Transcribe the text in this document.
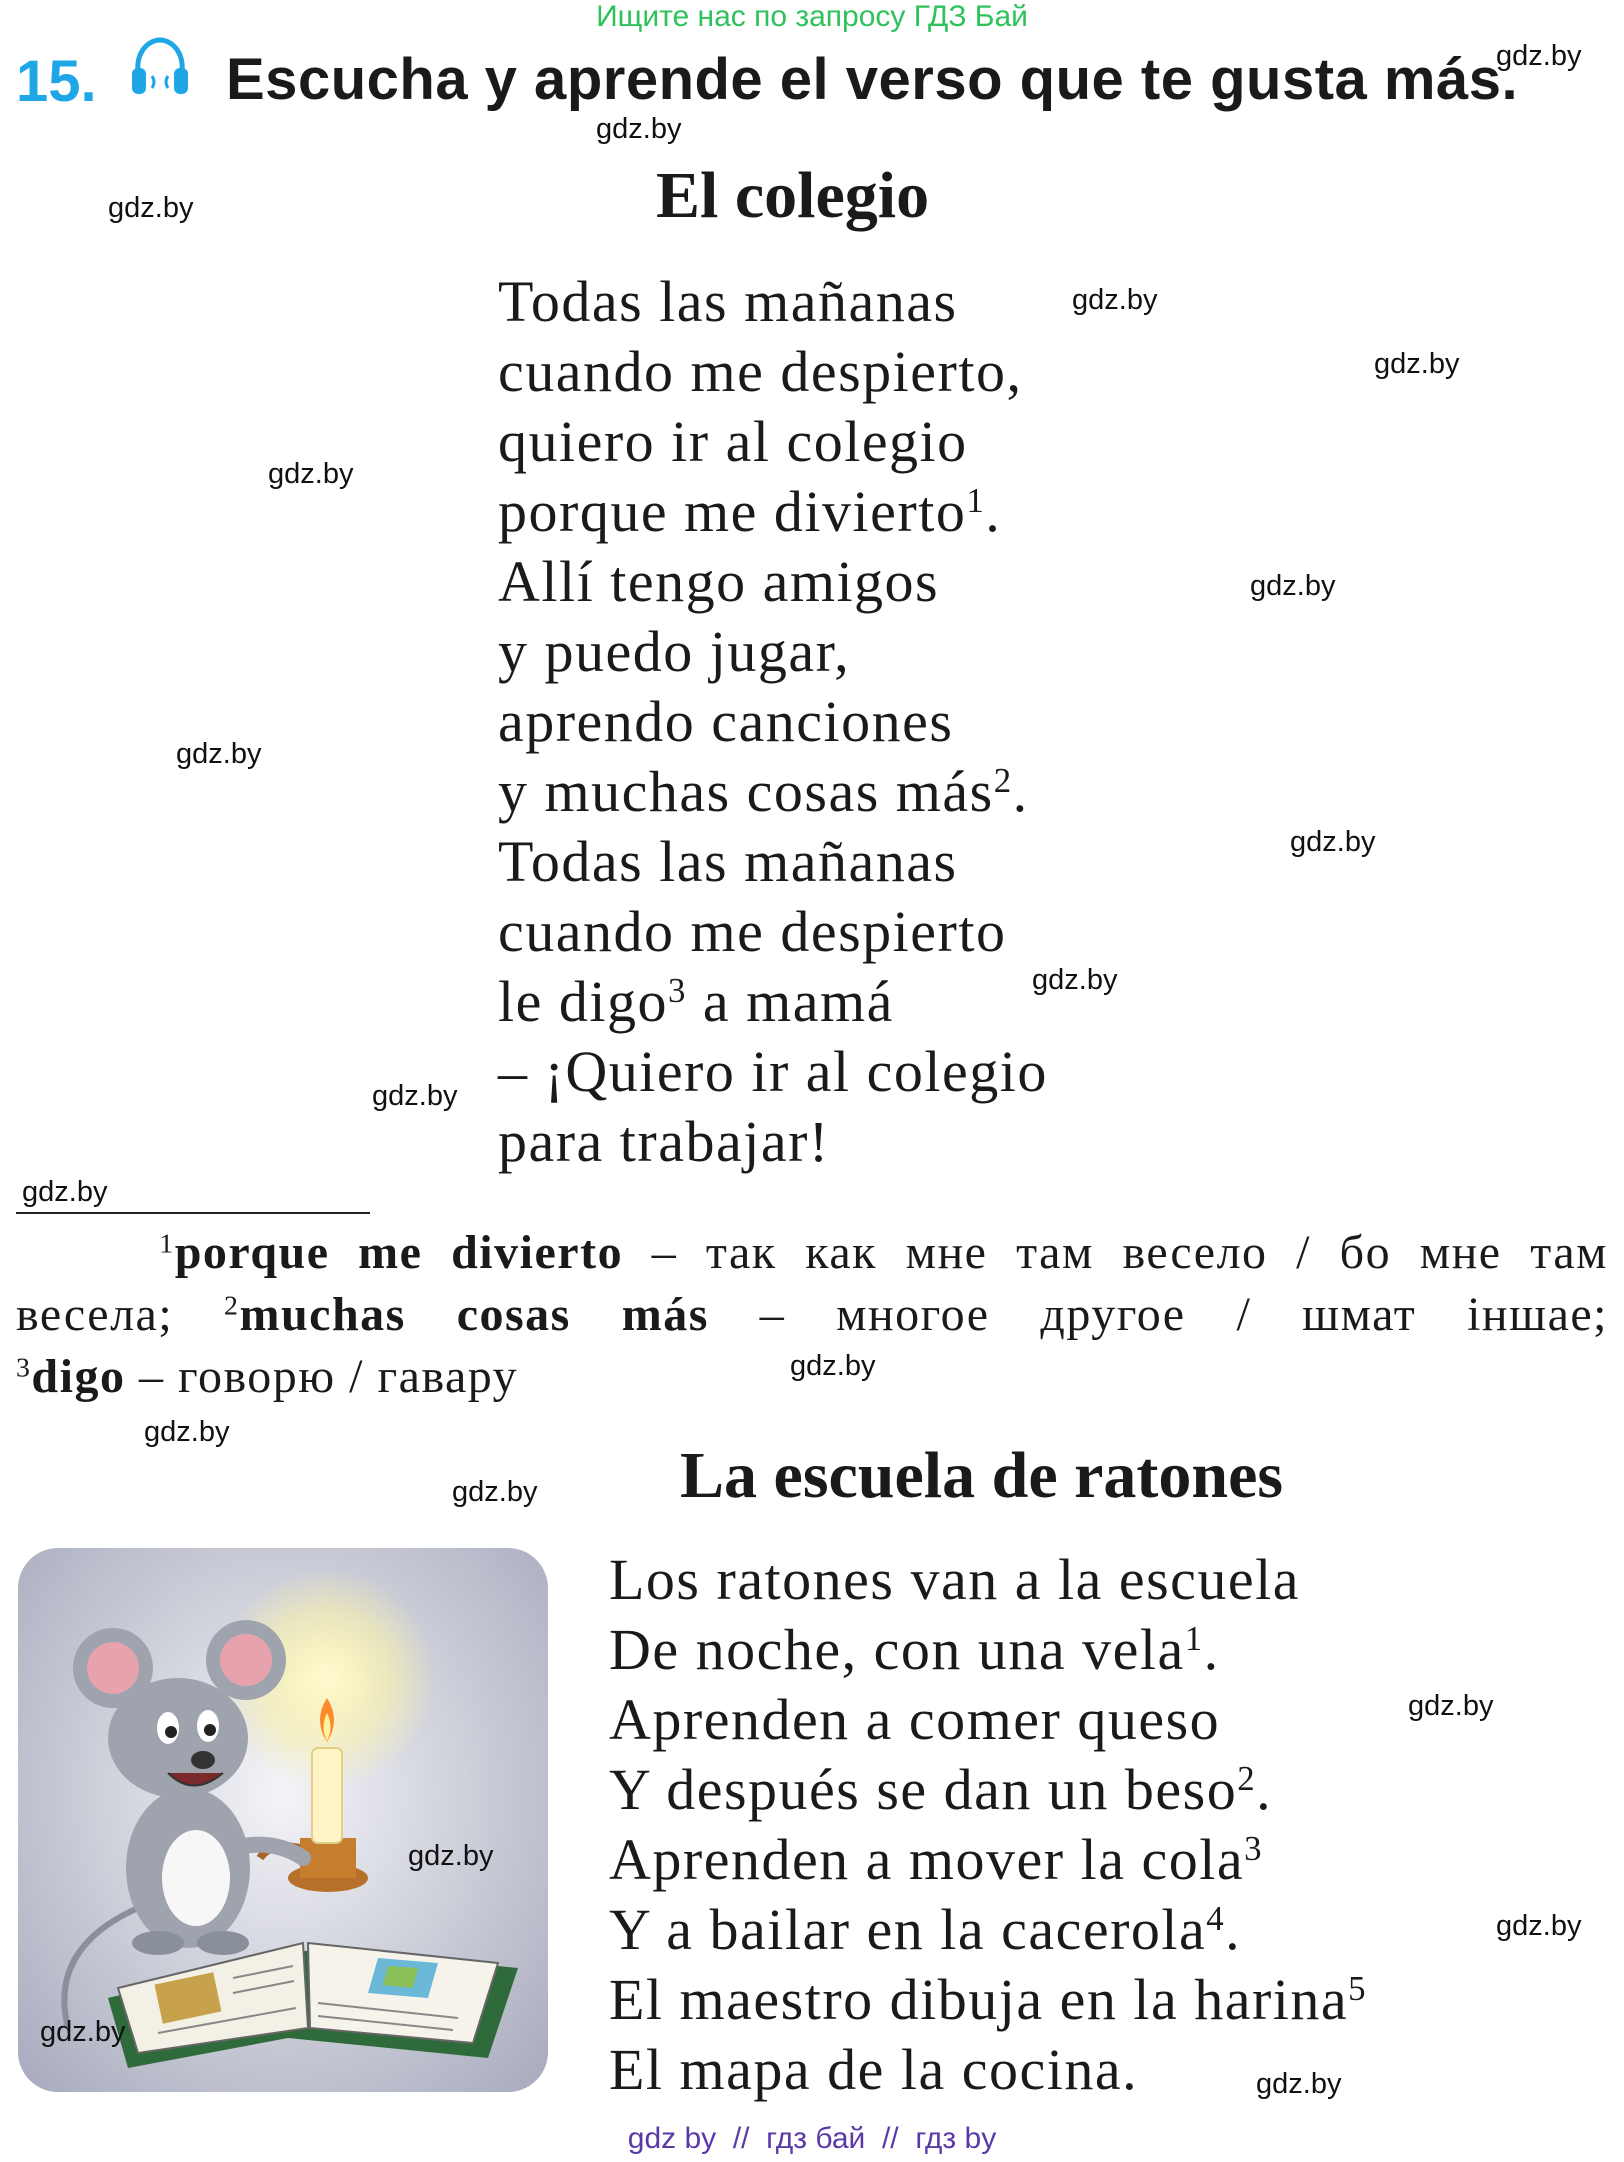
Ищите нас по запросу ГДЗ Бай
15. Escucha y aprende el verso que te gusta más.
El colegio
Todas las mañanas
cuando me despierto,
quiero ir al colegio
porque me divierto$^1$.
Allí tengo amigos
y puedo jugar,
aprendo canciones
y muchas cosas más$^2$.
Todas las mañanas
cuando me despierto
le digo$^3$ a mamá
– ¡Quiero ir al colegio
para trabajar!
$^1$porque me divierto – так как мне там весело / бо мне там
весела; $^2$muchas cosas más – многое другое / шмат іншае;
$^3$digo – говорю / гавару
La escuela de ratones
Los ratones van a la escuela
De noche, con una vela$^1$.
Aprenden a comer queso
Y después se dan un beso$^2$.
Aprenden a mover la cola$^3$
Y a bailar en la cacerola$^4$.
El maestro dibuja en la harina$^5$
El mapa de la cocina.
gdz.by
gdz.by
gdz.by
gdz.by
gdz.by
gdz.by
gdz.by
gdz.by
gdz.by
gdz.by
gdz.by
gdz.by
gdz.by
gdz.by
gdz.by
gdz.by
gdz.by
gdz.by
gdz.by
gdz.by
gdz by  //  гдз бай  //  гдз by
